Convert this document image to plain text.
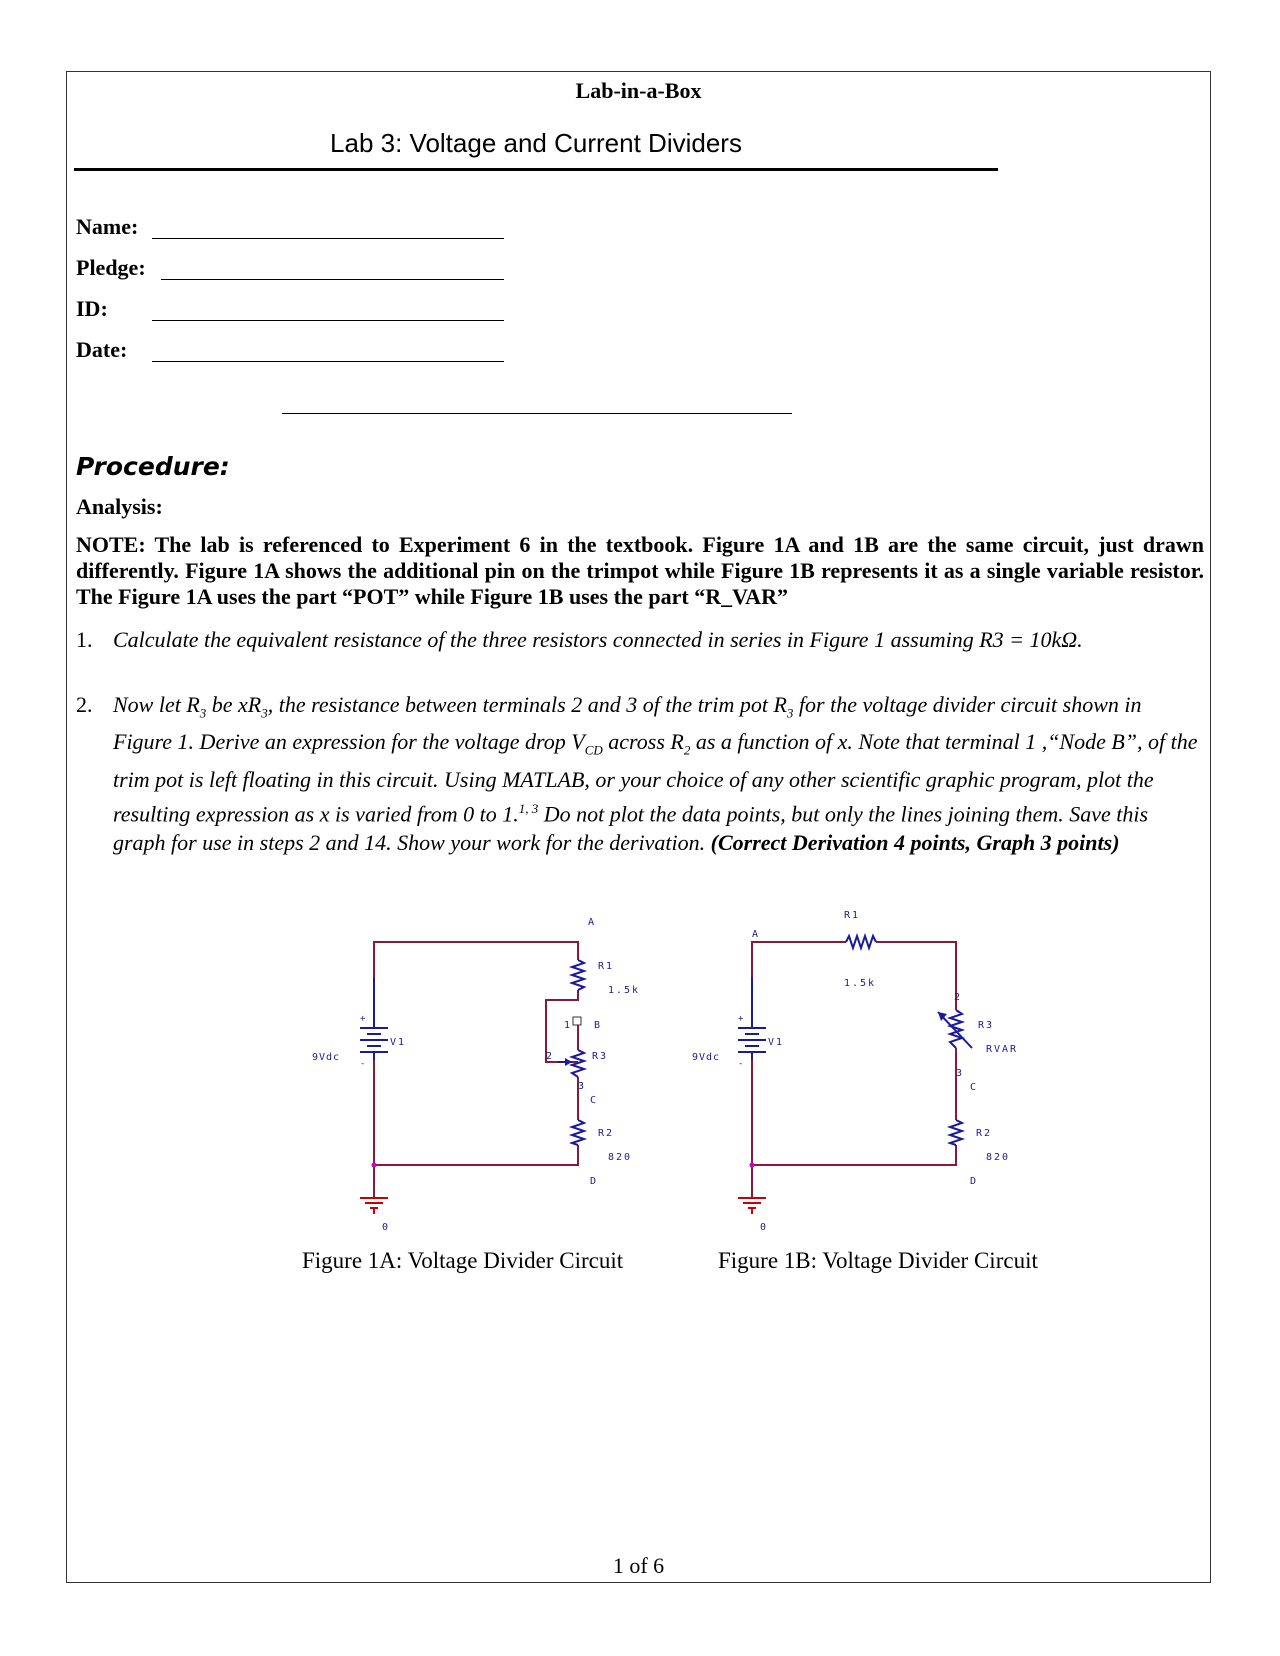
Lab-in-a-Box
Lab 3: Voltage and Current Dividers
Name:
Pledge:
ID:
Date:
Procedure:
Analysis:
NOTE: The lab is referenced to Experiment 6 in the textbook. Figure 1A and 1B are the same circuit, just drawn differently. Figure 1A shows the additional pin on the trimpot while Figure 1B represents it as a single variable resistor. The Figure 1A uses the part “POT” while Figure 1B uses the part “R_VAR”
1. Calculate the equivalent resistance of the three resistors connected in series in Figure 1 assuming R3 = 10kΩ.
2. Now let $R_3$ be $xR_3$, the resistance between terminals 2 and 3 of the trim pot $R_3$ for the voltage divider circuit shown in Figure 1. Derive an expression for the voltage drop $V_{CD}$ across $R_2$ as a function of x. Note that terminal 1 ,“Node B”, of the trim pot is left floating in this circuit. Using MATLAB, or your choice of any other scientific graphic program, plot the resulting expression as x is varied from 0 to 1.$^{1, 3}$ Do not plot the data points, but only the lines joining them. Save this graph for use in steps 2 and 14. Show your work for the derivation. (Correct Derivation 4 points, Graph 3 points)
+
-
A
R1
1.5k
1 B
2	R3
3
C
R2
820
D
V1
9Vdc
0
Figure 1A: Voltage Divider Circuit
+
-
A
R1
1.5k
2
R3
RVAR
3
C
R2
820
D
V1
9Vdc
0
Figure 1B: Voltage Divider Circuit
1 of 6
